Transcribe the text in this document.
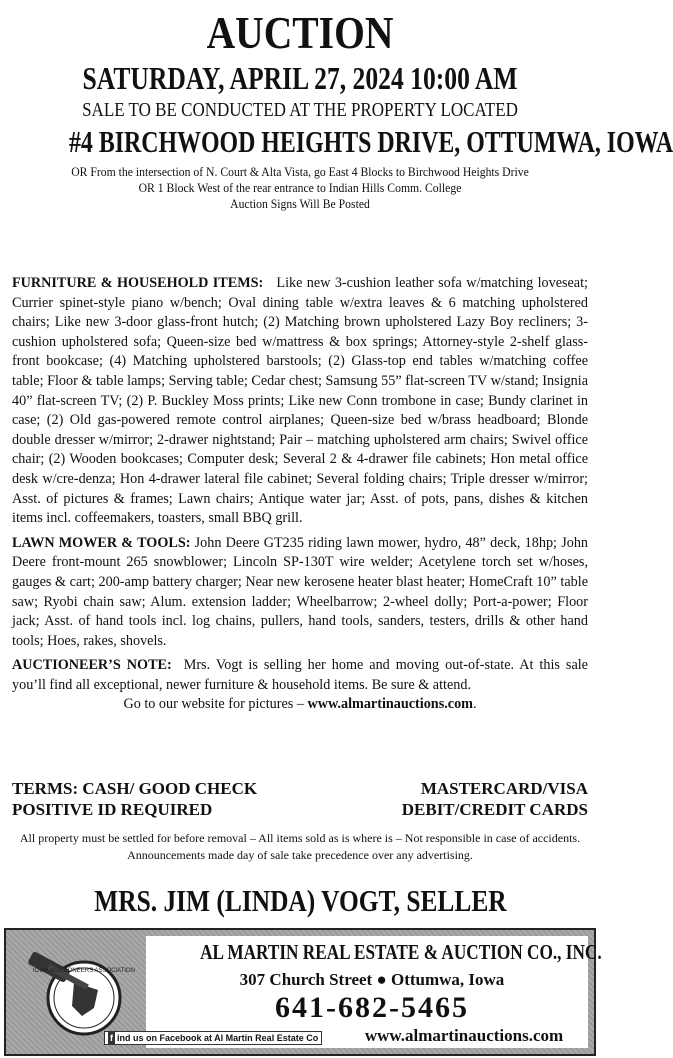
AUCTION
SATURDAY, APRIL 27, 2024 10:00 AM
SALE TO BE CONDUCTED AT THE PROPERTY LOCATED
#4 BIRCHWOOD HEIGHTS DRIVE, OTTUMWA, IOWA
OR From the intersection of N. Court & Alta Vista, go East 4 Blocks to Birchwood Heights Drive
OR 1 Block West of the rear entrance to Indian Hills Comm. College
Auction Signs Will Be Posted

FURNITURE & HOUSEHOLD ITEMS: Like new 3-cushion leather sofa w/matching loveseat; Currier spinet-style piano w/bench; Oval dining table w/extra leaves & 6 matching upholstered chairs; Like new 3-door glass-front hutch; (2) Matching brown upholstered Lazy Boy recliners; 3-cushion upholstered sofa; Queen-size bed w/mattress & box springs; Attorney-style 2-shelf glass-front bookcase; (4) Matching upholstered barstools; (2) Glass-top end tables w/matching coffee table; Floor & table lamps; Serving table; Cedar chest; Samsung 55” flat-screen TV w/stand; Insignia 40” flat-screen TV; (2) P. Buckley Moss prints; Like new Conn trombone in case; Bundy clarinet in case; (2) Old gas-powered remote control airplanes; Queen-size bed w/brass headboard; Blonde double dresser w/mirror; 2-drawer nightstand; Pair – matching upholstered arm chairs; Swivel office chair; (2) Wooden bookcases; Computer desk; Several 2 & 4-drawer file cabinets; Hon metal office desk w/cre-denza; Hon 4-drawer lateral file cabinet; Several folding chairs; Triple dresser w/mirror; Asst. of pictures & frames; Lawn chairs; Antique water jar; Asst. of pots, pans, dishes & kitchen items incl. coffeemakers, toasters, small BBQ grill.

LAWN MOWER & TOOLS: John Deere GT235 riding lawn mower, hydro, 48” deck, 18hp; John Deere front-mount 265 snowblower; Lincoln SP-130T wire welder; Acetylene torch set w/hoses, gauges & cart; 200-amp battery charger; Near new kerosene heater blast heater; HomeCraft 10” table saw; Ryobi chain saw; Alum. extension ladder; Wheelbarrow; 2-wheel dolly; Port-a-power; Floor jack; Asst. of hand tools incl. log chains, pullers, hand tools, sanders, testers, drills & other hand tools; Hoes, rakes, shovels.

AUCTIONEER’S NOTE: Mrs. Vogt is selling her home and moving out-of-state. At this sale you’ll find all exceptional, newer furniture & household items. Be sure & attend.

Go to our website for pictures – www.almartinauctions.com.

TERMS: CASH/ GOOD CHECK	MASTERCARD/VISA
POSITIVE ID REQUIRED	DEBIT/CREDIT CARDS
All property must be settled for before removal – All items sold as is where is – Not responsible in case of accidents.
Announcements made day of sale take precedence over any advertising.
MRS. JIM (LINDA) VOGT, SELLER
IOWA AUCTIONEERS ASSOCIATION
AL MARTIN REAL ESTATE & AUCTION CO., INC.
307 Church Street ● Ottumwa, Iowa
641-682-5465
f ind us on Facebook at Al Martin Real Estate Co	www.almartinauctions.com
